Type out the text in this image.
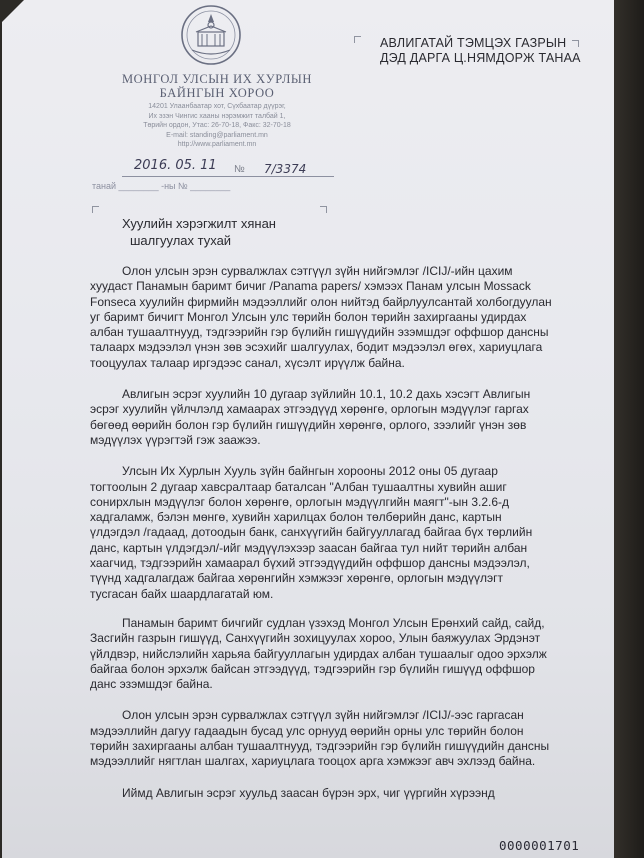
МОНГОЛ УЛСЫН ИХ ХУРЛЫН
БАЙНГЫН ХОРОО
14201 Улаанбаатар хот, Сүхбаатар дүүрэг,
Их эзэн Чингис хааны нэрэмжит талбай 1,
Төрийн ордон, Утас: 26-70-18, Факс: 32-70-18
E-mail: standing@parliament.mn
http://www.parliament.mn
2016. 05. 11 № 7/3374
танай ________ -ны № ________
АВЛИГАТАЙ ТЭМЦЭХ ГАЗРЫН
ДЭД ДАРГА Ц.НЯМДОРЖ ТАНАА
Хуулийн хэрэгжилт хянан
шалгуулах тухай

Олон улсын эрэн сурвалжлах сэтгүүл зүйн нийгэмлэг /ICIJ/-ийн цахим
хуудаст Панамын баримт бичиг /Panama papers/ хэмээх Панам улсын Mossack
Fonseca хуулийн фирмийн мэдээллийг олон нийтэд байрлуулсантай холбогдуулан
уг баримт бичигт Монгол Улсын улс төрийн болон төрийн захиргааны удирдах
албан тушаалтнууд, тэдгээрийн гэр бүлийн гишүүдийн эзэмшдэг оффшор дансны
талаарх мэдээлэл үнэн зөв эсэхийг шалгуулах, бодит мэдээлэл өгөх, хариуцлага
тооцуулах талаар иргэдээс санал, хүсэлт ирүүлж байна.

Авлигын эсрэг хуулийн 10 дугаар зүйлийн 10.1, 10.2 дахь хэсэгт Авлигын
эсрэг хуулийн үйлчлэлд хамаарах этгээдүүд хөрөнгө, орлогын мэдүүлэг гаргах
бөгөөд өөрийн болон гэр бүлийн гишүүдийн хөрөнгө, орлого, зээлийг үнэн зөв
мэдүүлэх үүрэгтэй гэж заажээ.

Улсын Их Хурлын Хууль зүйн байнгын хорооны 2012 оны 05 дугаар
тогтоолын 2 дугаар хавсралтаар баталсан "Албан тушаалтны хувийн ашиг
сонирхлын мэдүүлэг болон хөрөнгө, орлогын мэдүүлгийн маягт"-ын 3.2.6-д
хадгаламж, бэлэн мөнгө, хувийн харилцах болон төлбөрийн данс, картын
үлдэгдэл /гадаад, дотоодын банк, санхүүгийн байгууллагад байгаа бүх төрлийн
данс, картын үлдэгдэл/-ийг мэдүүлэхээр заасан байгаа тул нийт төрийн албан
хаагчид, тэдгээрийн хамаарал бүхий этгээдүүдийн оффшор дансны мэдээлэл,
түүнд хадгалагдаж байгаа хөрөнгийн хэмжээг хөрөнгө, орлогын мэдүүлэгт
тусгасан байх шаардлагатай юм.

Панамын баримт бичгийг судлан үзэхэд Монгол Улсын Ерөнхий сайд, сайд,
Засгийн газрын гишүүд, Санхүүгийн зохицуулах хороо, Улын баяжуулах Эрдэнэт
үйлдвэр, нийслэлийн харьяа байгууллагын удирдах албан тушаалыг одоо эрхэлж
байгаа болон эрхэлж байсан этгээдүүд, тэдгээрийн гэр бүлийн гишүүд оффшор
данс эзэмшдэг байна.

Олон улсын эрэн сурвалжлах сэтгүүл зүйн нийгэмлэг /ICIJ/-ээс гаргасан
мэдээллийн дагуу гадаадын бусад улс орнууд өөрийн орны улс төрийн болон
төрийн захиргааны албан тушаалтнууд, тэдгээрийн гэр бүлийн гишүүдийн дансны
мэдээллийг нягтлан шалгах, хариуцлага тооцох арга хэмжээг авч эхлээд байна.

Иймд Авлигын эсрэг хуульд заасан бүрэн эрх, чиг үүргийн хүрээнд

0000001701
